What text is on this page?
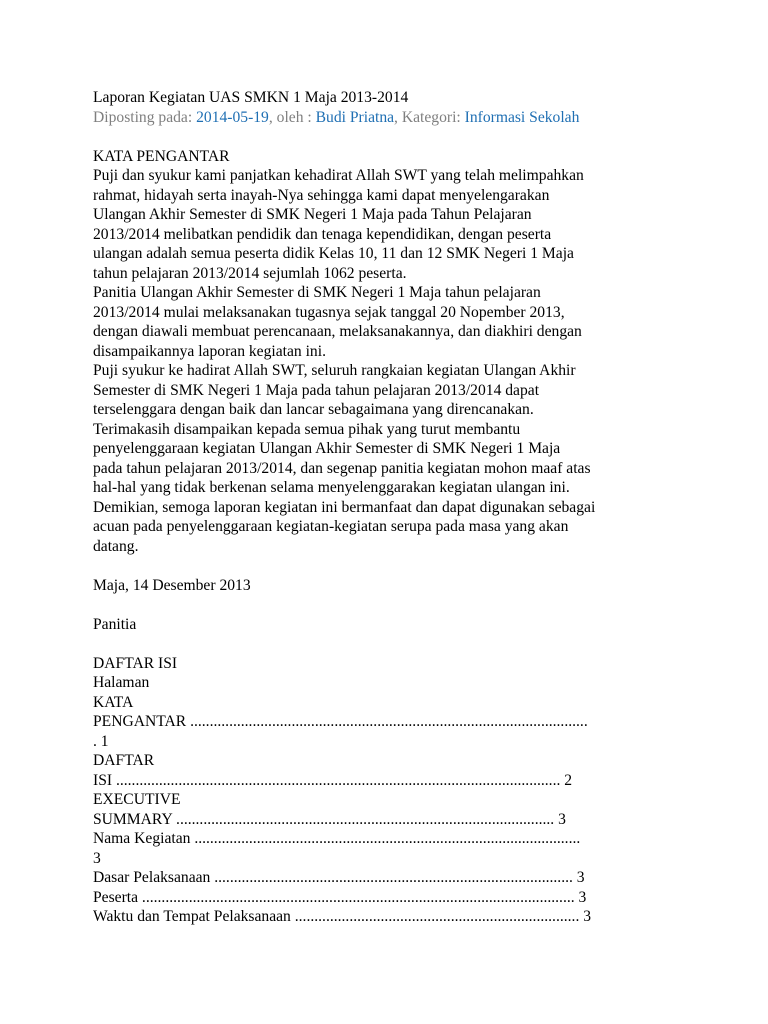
Laporan Kegiatan UAS SMKN 1 Maja 2013-2014
Diposting pada: 2014-05-19, oleh : Budi Priatna, Kategori: Informasi Sekolah
KATA PENGANTAR
Puji dan syukur kami panjatkan kehadirat Allah SWT yang telah melimpahkan
rahmat, hidayah serta inayah-Nya sehingga kami dapat menyelengarakan
Ulangan Akhir Semester di SMK Negeri 1 Maja pada Tahun Pelajaran
2013/2014 melibatkan pendidik dan tenaga kependidikan, dengan peserta
ulangan adalah semua peserta didik Kelas 10, 11 dan 12 SMK Negeri 1 Maja
tahun pelajaran 2013/2014 sejumlah 1062 peserta.
Panitia Ulangan Akhir Semester di SMK Negeri 1 Maja tahun pelajaran
2013/2014 mulai melaksanakan tugasnya sejak tanggal 20 Nopember 2013,
dengan diawali membuat perencanaan, melaksanakannya, dan diakhiri dengan
disampaikannya laporan kegiatan ini.
Puji syukur ke hadirat Allah SWT, seluruh rangkaian kegiatan Ulangan Akhir
Semester di SMK Negeri 1 Maja pada tahun pelajaran 2013/2014 dapat
terselenggara dengan baik dan lancar sebagaimana yang direncanakan.
Terimakasih disampaikan kepada semua pihak yang turut membantu
penyelenggaraan kegiatan Ulangan Akhir Semester di SMK Negeri 1 Maja
pada tahun pelajaran 2013/2014, dan segenap panitia kegiatan mohon maaf atas
hal-hal yang tidak berkenan selama menyelenggarakan kegiatan ulangan ini.
Demikian, semoga laporan kegiatan ini bermanfaat dan dapat digunakan sebagai
acuan pada penyelenggaraan kegiatan-kegiatan serupa pada masa yang akan
datang.
Maja, 14 Desember 2013
Panitia
DAFTAR ISI
Halaman
KATA
PENGANTAR ......................................................................................................
. 1
DAFTAR
ISI .................................................................................................................. 2
EXECUTIVE
SUMMARY ................................................................................................. 3
Nama Kegiatan ...................................................................................................
3
Dasar Pelaksanaan ............................................................................................ 3
Peserta ............................................................................................................... 3
Waktu dan Tempat Pelaksanaan ......................................................................... 3
